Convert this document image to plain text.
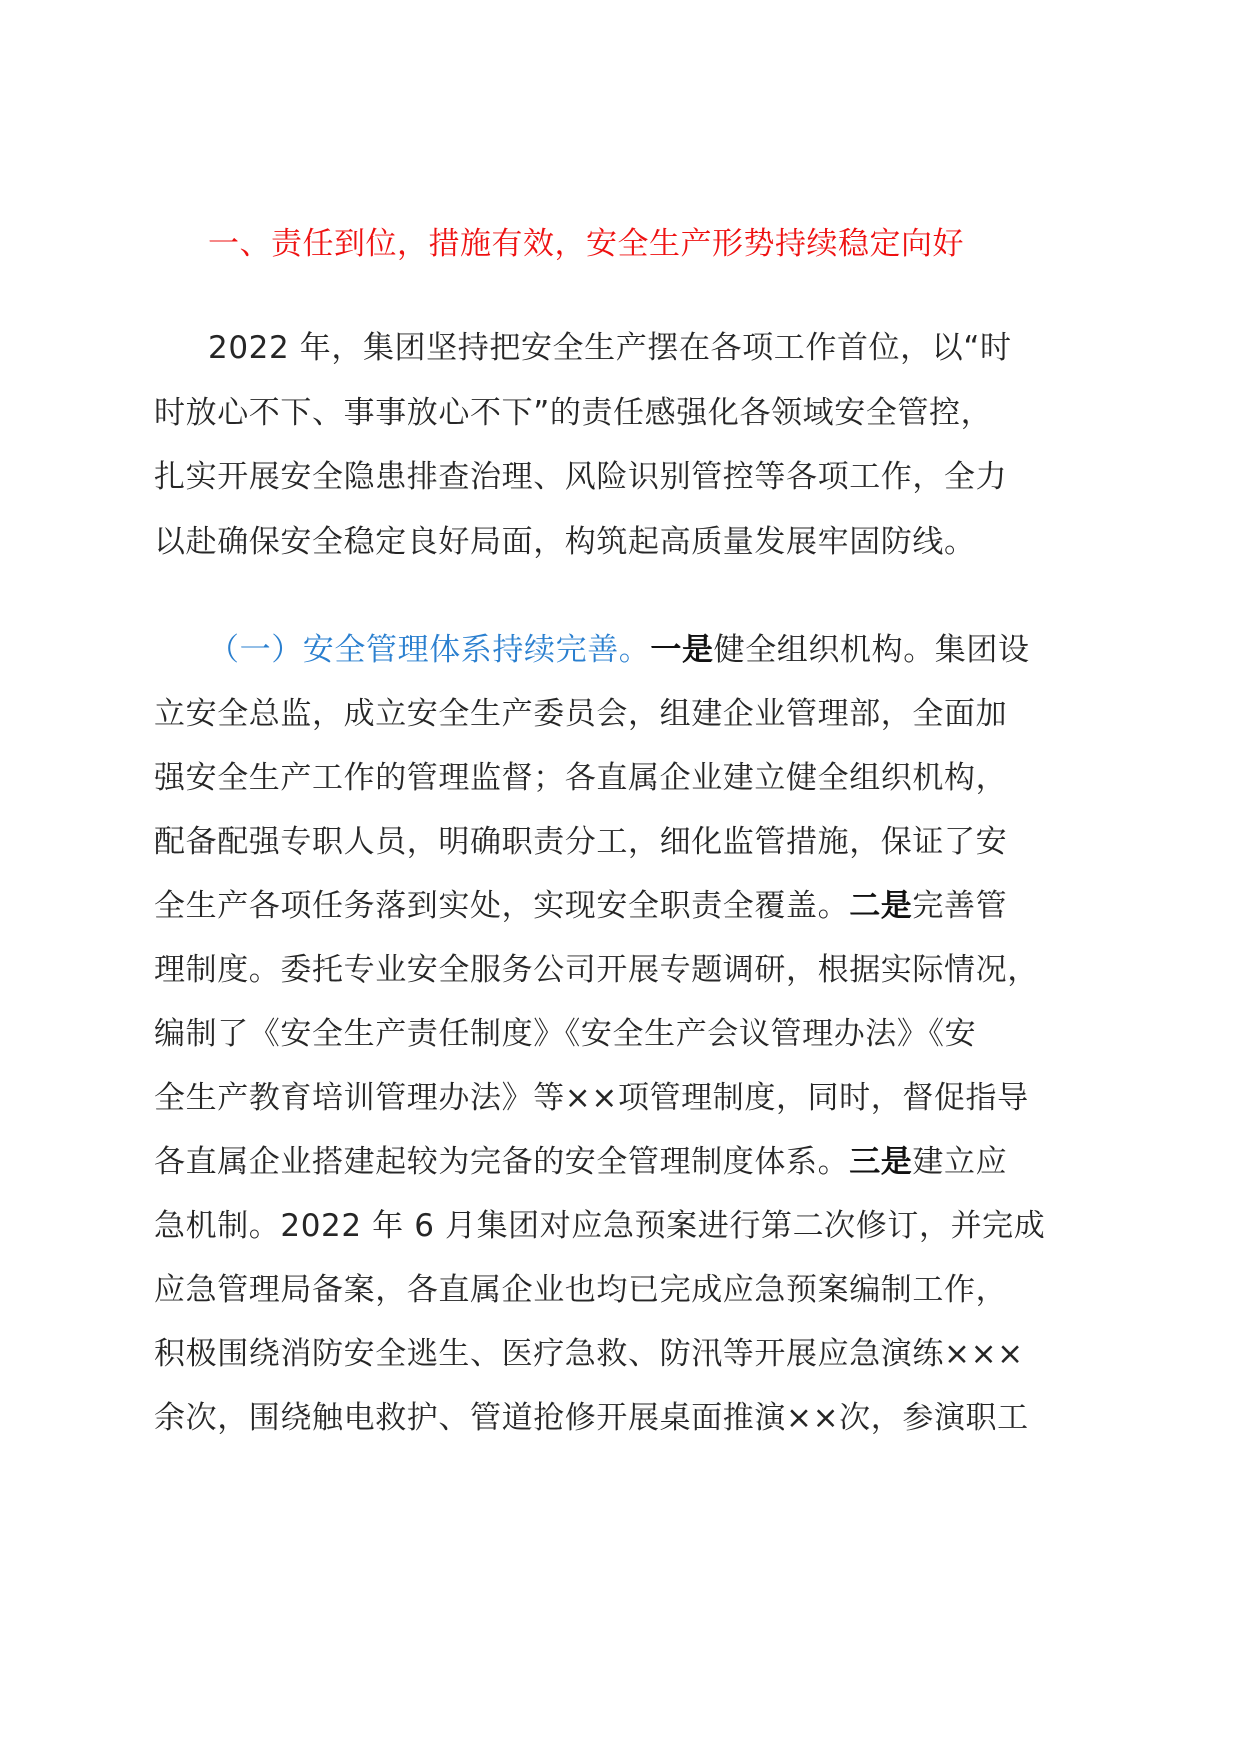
一、责任到位，措施有效，安全生产形势持续稳定向好
2022 年，集团坚持把安全生产摆在各项工作首位，以“时
时放心不下、事事放心不下”的责任感强化各领域安全管控，
扎实开展安全隐患排查治理、风险识别管控等各项工作，全力
以赴确保安全稳定良好局面，构筑起高质量发展牢固防线。
（一）安全管理体系持续完善。一是健全组织机构。集团设
立安全总监，成立安全生产委员会，组建企业管理部，全面加
强安全生产工作的管理监督；各直属企业建立健全组织机构，
配备配强专职人员，明确职责分工，细化监管措施，保证了安
全生产各项任务落到实处，实现安全职责全覆盖。二是完善管
理制度。委托专业安全服务公司开展专题调研，根据实际情况，
编制了《安全生产责任制度》《安全生产会议管理办法》《安
全生产教育培训管理办法》等××项管理制度，同时，督促指导
各直属企业搭建起较为完备的安全管理制度体系。三是建立应
急机制。2022 年 6 月集团对应急预案进行第二次修订，并完成
应急管理局备案，各直属企业也均已完成应急预案编制工作，
积极围绕消防安全逃生、医疗急救、防汛等开展应急演练×××
余次，围绕触电救护、管道抢修开展桌面推演××次，参演职工
